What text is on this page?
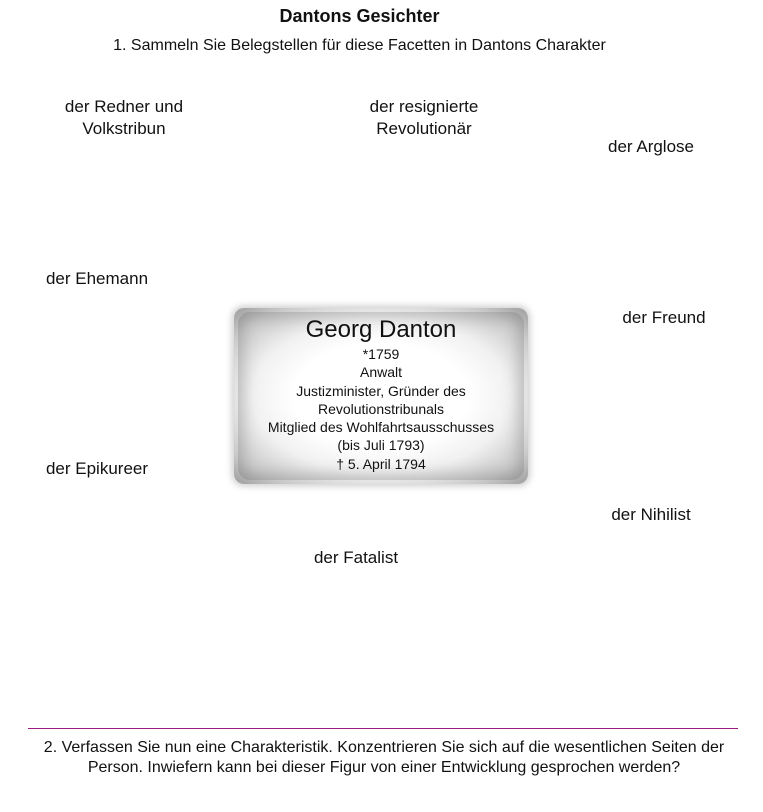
Dantons Gesichter
1. Sammeln Sie Belegstellen für diese Facetten in Dantons Charakter
der Redner und
Volkstribun
der resignierte
Revolutionär
der Arglose
der Ehemann
der Freund
der Epikureer
der Nihilist
der Fatalist
Georg Danton
*1759
Anwalt
Justizminister, Gründer des
Revolutionstribunals
Mitglied des Wohlfahrtsausschusses
(bis Juli 1793)
† 5. April 1794
2. Verfassen Sie nun eine Charakteristik. Konzentrieren Sie sich auf die wesentlichen Seiten der
Person. Inwiefern kann bei dieser Figur von einer Entwicklung gesprochen werden?
